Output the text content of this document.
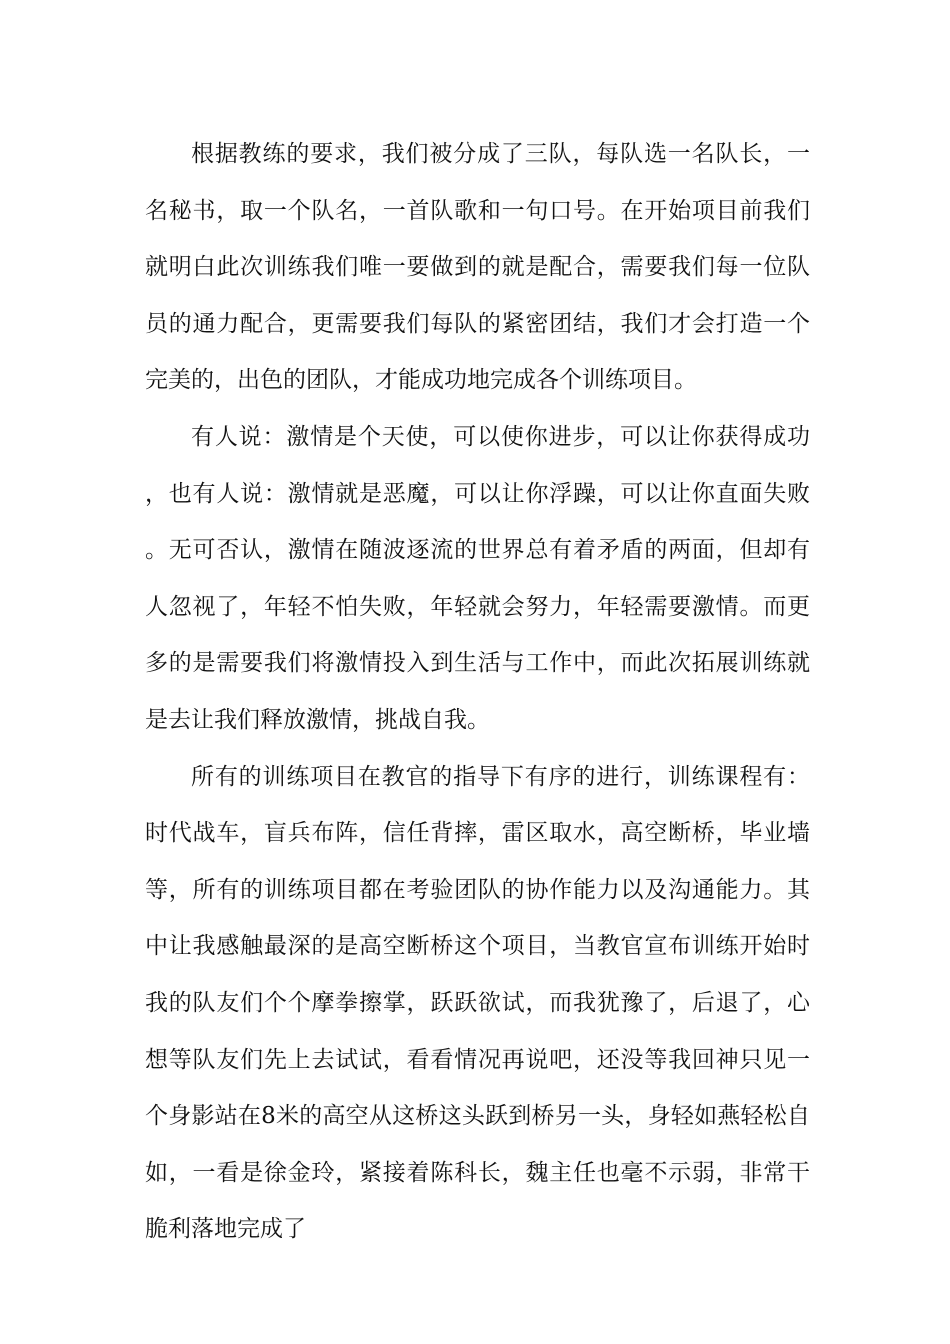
根据教练的要求，我们被分成了三队，每队选一名队长，一名秘书，取一个队名，一首队歌和一句口号。在开始项目前我们就明白此次训练我们唯一要做到的就是配合，需要我们每一位队员的通力配合，更需要我们每队的紧密团结，我们才会打造一个完美的，出色的团队，才能成功地完成各个训练项目。

有人说：激情是个天使，可以使你进步，可以让你获得成功，也有人说：激情就是恶魔，可以让你浮躁，可以让你直面失败。无可否认，激情在随波逐流的世界总有着矛盾的两面，但却有人忽视了，年轻不怕失败，年轻就会努力，年轻需要激情。而更多的是需要我们将激情投入到生活与工作中，而此次拓展训练就是去让我们释放激情，挑战自我。

所有的训练项目在教官的指导下有序的进行，训练课程有：时代战车，盲兵布阵，信任背摔，雷区取水，高空断桥，毕业墙等，所有的训练项目都在考验团队的协作能力以及沟通能力。其中让我感触最深的是高空断桥这个项目，当教官宣布训练开始时我的队友们个个摩拳擦掌，跃跃欲试，而我犹豫了，后退了，心想等队友们先上去试试，看看情况再说吧，还没等我回神只见一个身影站在8米的高空从这桥这头跃到桥另一头，身轻如燕轻松自如，一看是徐金玲，紧接着陈科长，魏主任也毫不示弱，非常干脆利落地完成了
